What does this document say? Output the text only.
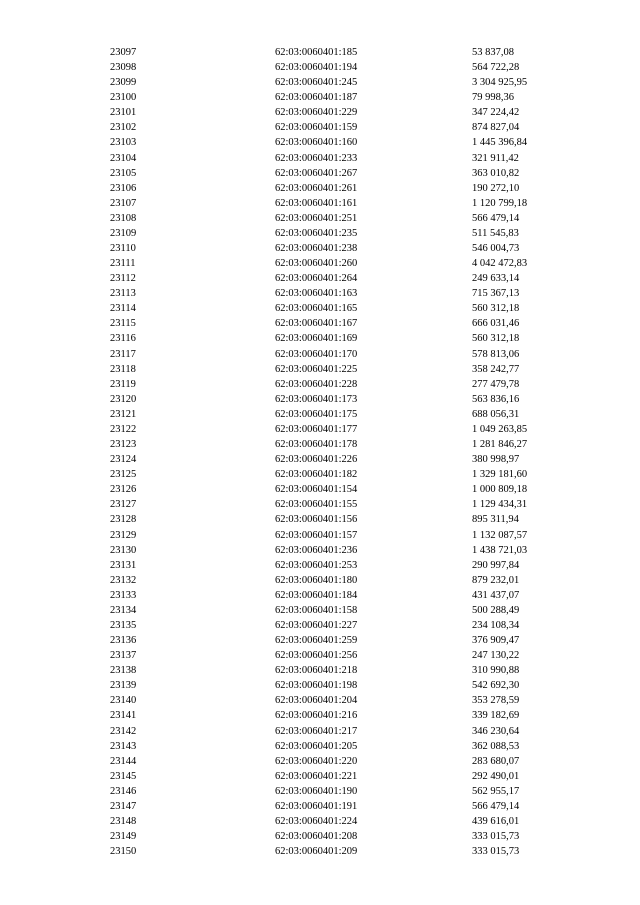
23097	62:03:0060401:185	53 837,08
23098	62:03:0060401:194	564 722,28
23099	62:03:0060401:245	3 304 925,95
23100	62:03:0060401:187	79 998,36
23101	62:03:0060401:229	347 224,42
23102	62:03:0060401:159	874 827,04
23103	62:03:0060401:160	1 445 396,84
23104	62:03:0060401:233	321 911,42
23105	62:03:0060401:267	363 010,82
23106	62:03:0060401:261	190 272,10
23107	62:03:0060401:161	1 120 799,18
23108	62:03:0060401:251	566 479,14
23109	62:03:0060401:235	511 545,83
23110	62:03:0060401:238	546 004,73
23111	62:03:0060401:260	4 042 472,83
23112	62:03:0060401:264	249 633,14
23113	62:03:0060401:163	715 367,13
23114	62:03:0060401:165	560 312,18
23115	62:03:0060401:167	666 031,46
23116	62:03:0060401:169	560 312,18
23117	62:03:0060401:170	578 813,06
23118	62:03:0060401:225	358 242,77
23119	62:03:0060401:228	277 479,78
23120	62:03:0060401:173	563 836,16
23121	62:03:0060401:175	688 056,31
23122	62:03:0060401:177	1 049 263,85
23123	62:03:0060401:178	1 281 846,27
23124	62:03:0060401:226	380 998,97
23125	62:03:0060401:182	1 329 181,60
23126	62:03:0060401:154	1 000 809,18
23127	62:03:0060401:155	1 129 434,31
23128	62:03:0060401:156	895 311,94
23129	62:03:0060401:157	1 132 087,57
23130	62:03:0060401:236	1 438 721,03
23131	62:03:0060401:253	290 997,84
23132	62:03:0060401:180	879 232,01
23133	62:03:0060401:184	431 437,07
23134	62:03:0060401:158	500 288,49
23135	62:03:0060401:227	234 108,34
23136	62:03:0060401:259	376 909,47
23137	62:03:0060401:256	247 130,22
23138	62:03:0060401:218	310 990,88
23139	62:03:0060401:198	542 692,30
23140	62:03:0060401:204	353 278,59
23141	62:03:0060401:216	339 182,69
23142	62:03:0060401:217	346 230,64
23143	62:03:0060401:205	362 088,53
23144	62:03:0060401:220	283 680,07
23145	62:03:0060401:221	292 490,01
23146	62:03:0060401:190	562 955,17
23147	62:03:0060401:191	566 479,14
23148	62:03:0060401:224	439 616,01
23149	62:03:0060401:208	333 015,73
23150	62:03:0060401:209	333 015,73
